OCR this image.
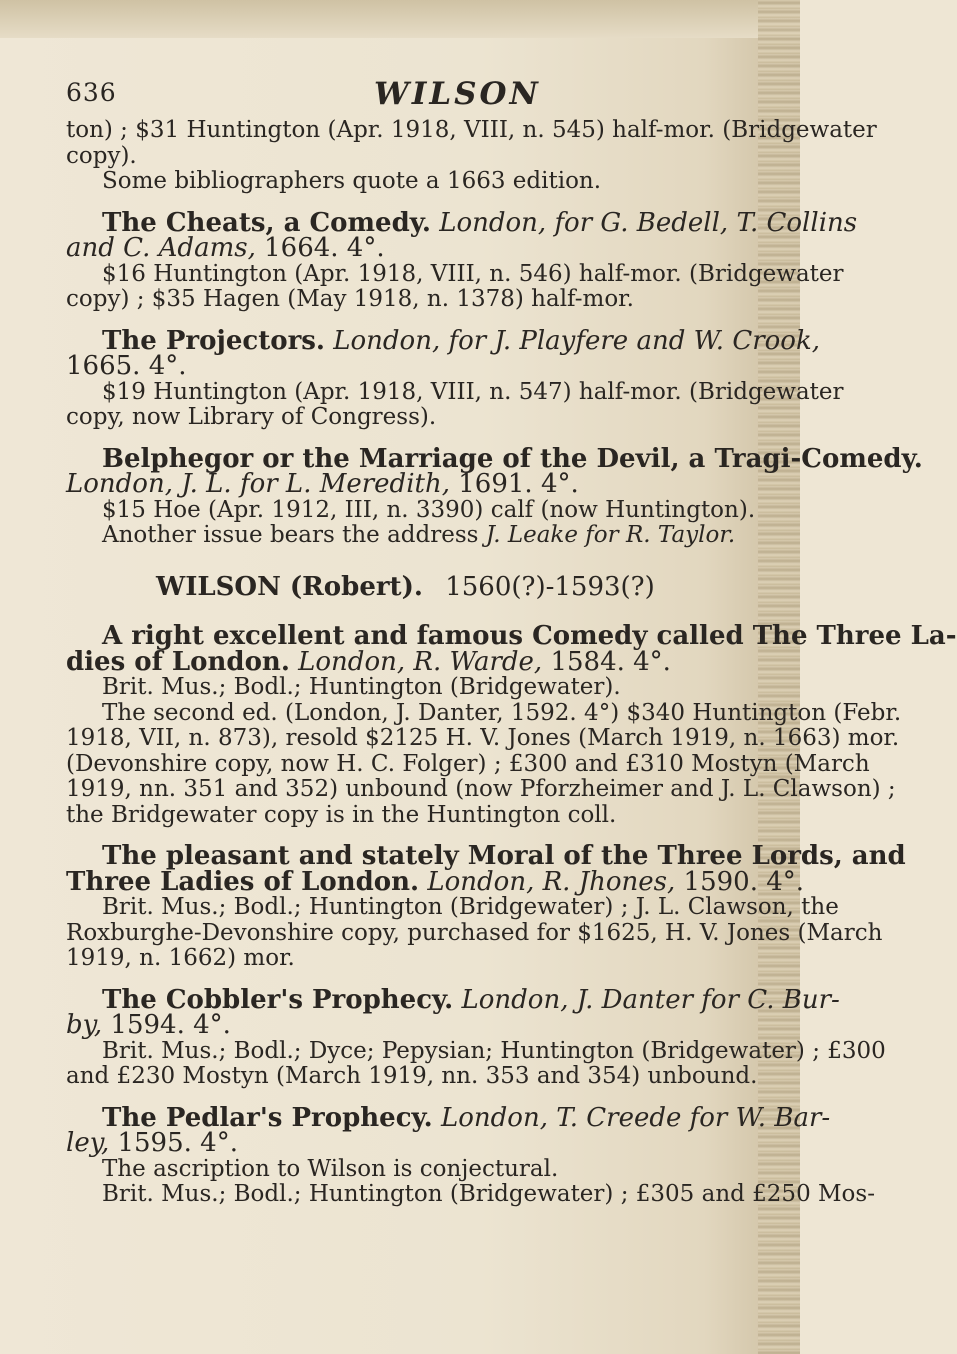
636	WILSON
ton) ; $31 Huntington (Apr. 1918, VIII, n. 545) half-mor. (Bridgewater
copy).
Some bibliographers quote a 1663 edition.
The Cheats, a Comedy. London, for G. Bedell, T. Collins
and C. Adams, 1664. 4°.
$16 Huntington (Apr. 1918, VIII, n. 546) half-mor. (Bridgewater
copy) ; $35 Hagen (May 1918, n. 1378) half-mor.
The Projectors. London, for J. Playfere and W. Crook,
1665. 4°.
$19 Huntington (Apr. 1918, VIII, n. 547) half-mor. (Bridgewater
copy, now Library of Congress).
Belphegor or the Marriage of the Devil, a Tragi-Comedy.
London, J. L. for L. Meredith, 1691. 4°.
$15 Hoe (Apr. 1912, III, n. 3390) calf (now Huntington).
Another issue bears the address J. Leake for R. Taylor.
WILSON (Robert). 1560(?)-1593(?)
A right excellent and famous Comedy called The Three La-
dies of London. London, R. Warde, 1584. 4°.
Brit. Mus.; Bodl.; Huntington (Bridgewater).
The second ed. (London, J. Danter, 1592. 4°) $340 Huntington (Febr.
1918, VII, n. 873), resold $2125 H. V. Jones (March 1919, n. 1663) mor.
(Devonshire copy, now H. C. Folger) ; £300 and £310 Mostyn (March
1919, nn. 351 and 352) unbound (now Pforzheimer and J. L. Clawson) ;
the Bridgewater copy is in the Huntington coll.
The pleasant and stately Moral of the Three Lords, and
Three Ladies of London. London, R. Jhones, 1590. 4°.
Brit. Mus.; Bodl.; Huntington (Bridgewater) ; J. L. Clawson, the
Roxburghe-Devonshire copy, purchased for $1625, H. V. Jones (March
1919, n. 1662) mor.
The Cobbler's Prophecy. London, J. Danter for C. Bur-
by, 1594. 4°.
Brit. Mus.; Bodl.; Dyce; Pepysian; Huntington (Bridgewater) ; £300
and £230 Mostyn (March 1919, nn. 353 and 354) unbound.
The Pedlar's Prophecy. London, T. Creede for W. Bar-
ley, 1595. 4°.
The ascription to Wilson is conjectural.
Brit. Mus.; Bodl.; Huntington (Bridgewater) ; £305 and £250 Mos-
